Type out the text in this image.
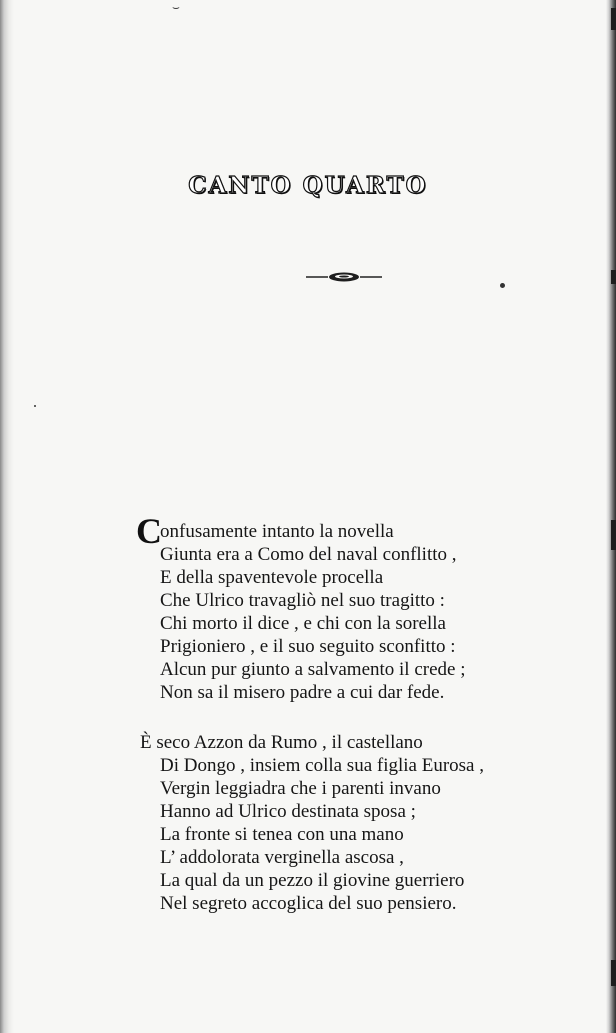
⌣
CANTO QUARTO
C
onfusamente intanto la novella
Giunta era a Como del naval conflitto ,
E della spaventevole procella
Che Ulrico travagliò nel suo tragitto :
Chi morto il dice , e chi con la sorella
Prigioniero , e il suo seguito sconfitto :
Alcun pur giunto a salvamento il crede ;
Non sa il misero padre a cui dar fede.
È seco Azzon da Rumo , il castellano
Di Dongo , insiem colla sua figlia Eurosa ,
Vergin leggiadra che i parenti invano
Hanno ad Ulrico destinata sposa ;
La fronte si tenea con una mano
L’ addolorata verginella ascosa ,
La qual da un pezzo il giovine guerriero
Nel segreto accoglica del suo pensiero.
